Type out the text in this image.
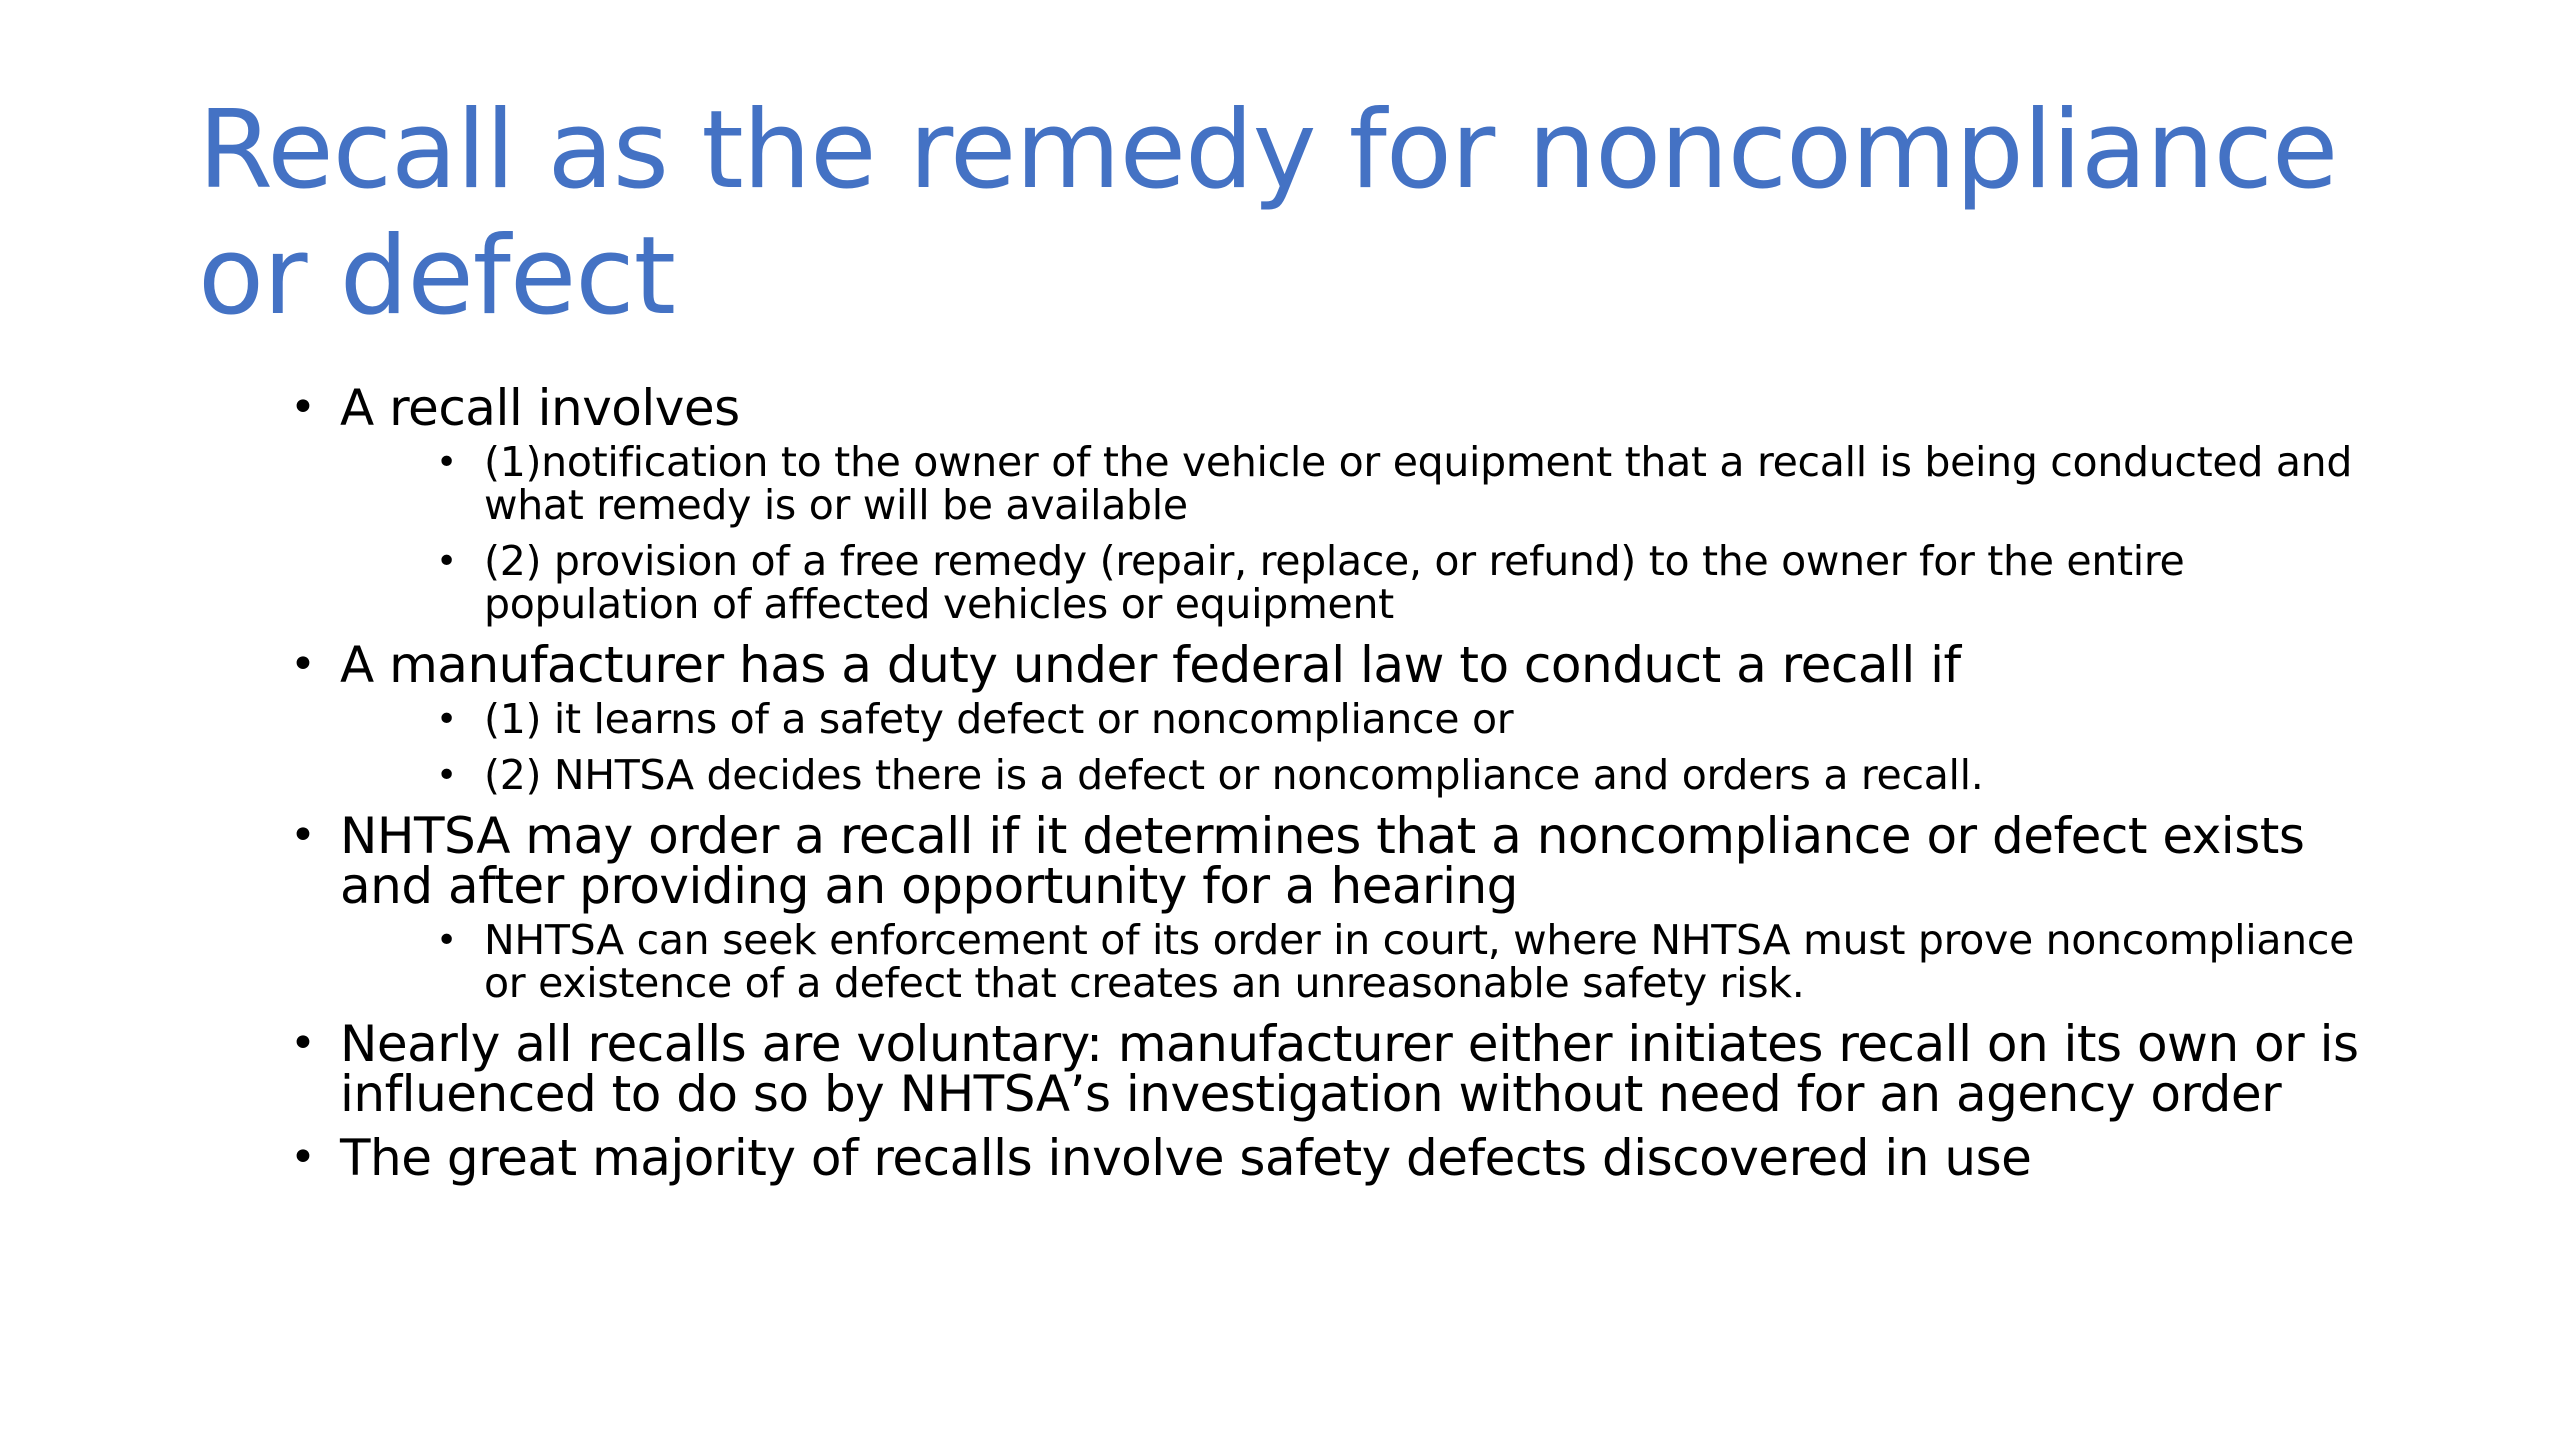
Recall as the remedy for noncompliance or defect
• A recall involves
• (1)notification to the owner of the vehicle or equipment that a recall is being conducted and what remedy is or will be available
• (2) provision of a free remedy (repair, replace, or refund) to the owner for the entire population of affected vehicles or equipment
• A manufacturer has a duty under federal law to conduct a recall if
• (1) it learns of a safety defect or noncompliance or
• (2) NHTSA decides there is a defect or noncompliance and orders a recall.
• NHTSA may order a recall if it determines that a noncompliance or defect exists and after providing an opportunity for a hearing
• NHTSA can seek enforcement of its order in court, where NHTSA must prove noncompliance or existence of a defect that creates an unreasonable safety risk.
• Nearly all recalls are voluntary: manufacturer either initiates recall on its own or is influenced to do so by NHTSA’s investigation without need for an agency order
• The great majority of recalls involve safety defects discovered in use
